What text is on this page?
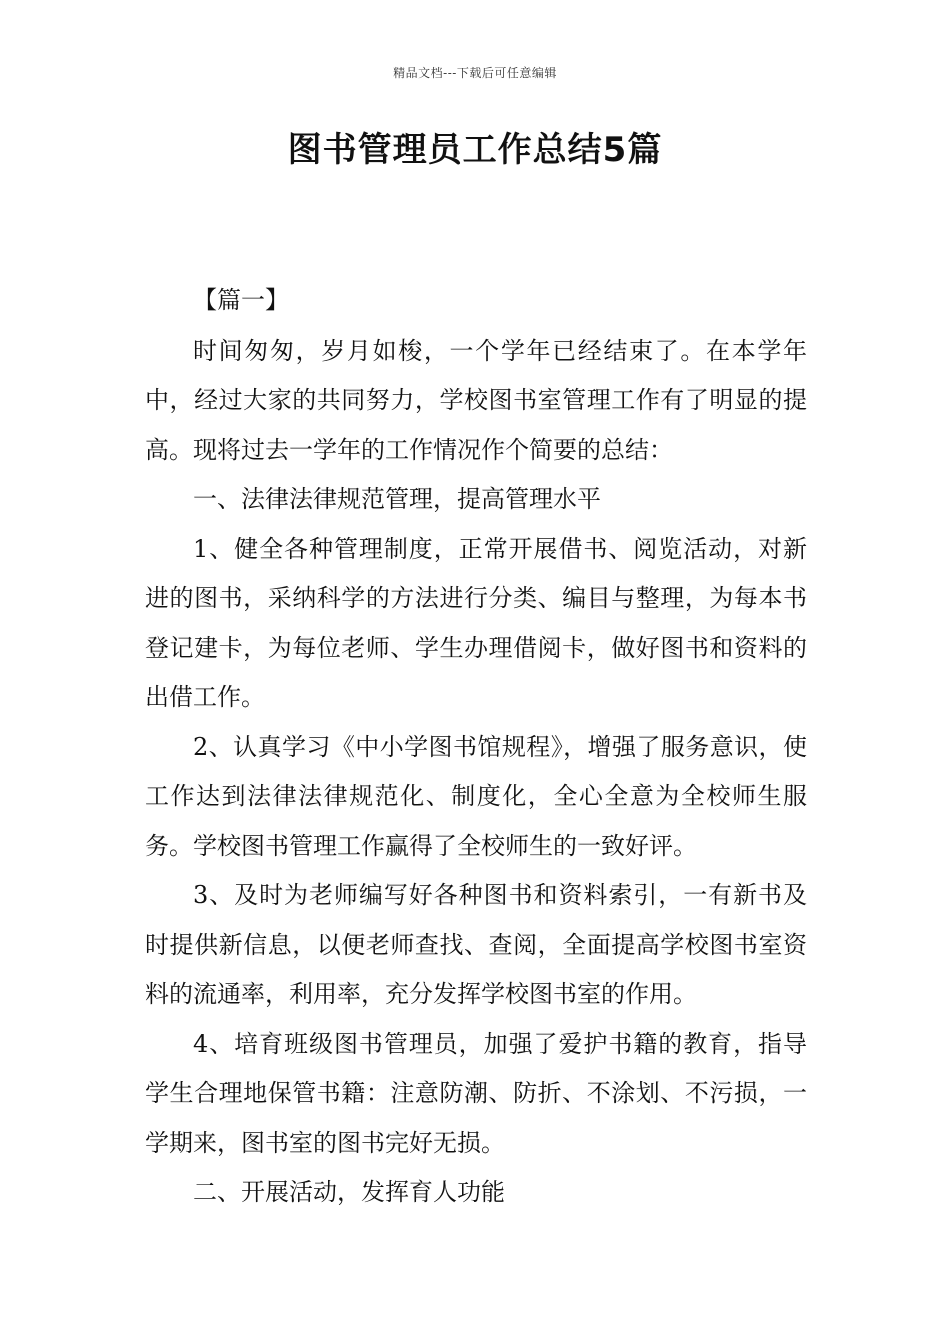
精品文档---下载后可任意编辑
图书管理员工作总结5篇

【篇一】

时间匆匆，岁月如梭，一个学年已经结束了。在本学年中，经过大家的共同努力，学校图书室管理工作有了明显的提高。现将过去一学年的工作情况作个简要的总结：

一、法律法律规范管理，提高管理水平

1、健全各种管理制度，正常开展借书、阅览活动，对新进的图书，采纳科学的方法进行分类、编目与整理，为每本书登记建卡，为每位老师、学生办理借阅卡，做好图书和资料的出借工作。

2、认真学习《中小学图书馆规程》，增强了服务意识，使工作达到法律法律规范化、制度化，全心全意为全校师生服务。学校图书管理工作赢得了全校师生的一致好评。

3、及时为老师编写好各种图书和资料索引，一有新书及时提供新信息，以便老师查找、查阅，全面提高学校图书室资料的流通率，利用率，充分发挥学校图书室的作用。

4、培育班级图书管理员，加强了爱护书籍的教育，指导学生合理地保管书籍：注意防潮、防折、不涂划、不污损，一学期来，图书室的图书完好无损。

二、开展活动，发挥育人功能
